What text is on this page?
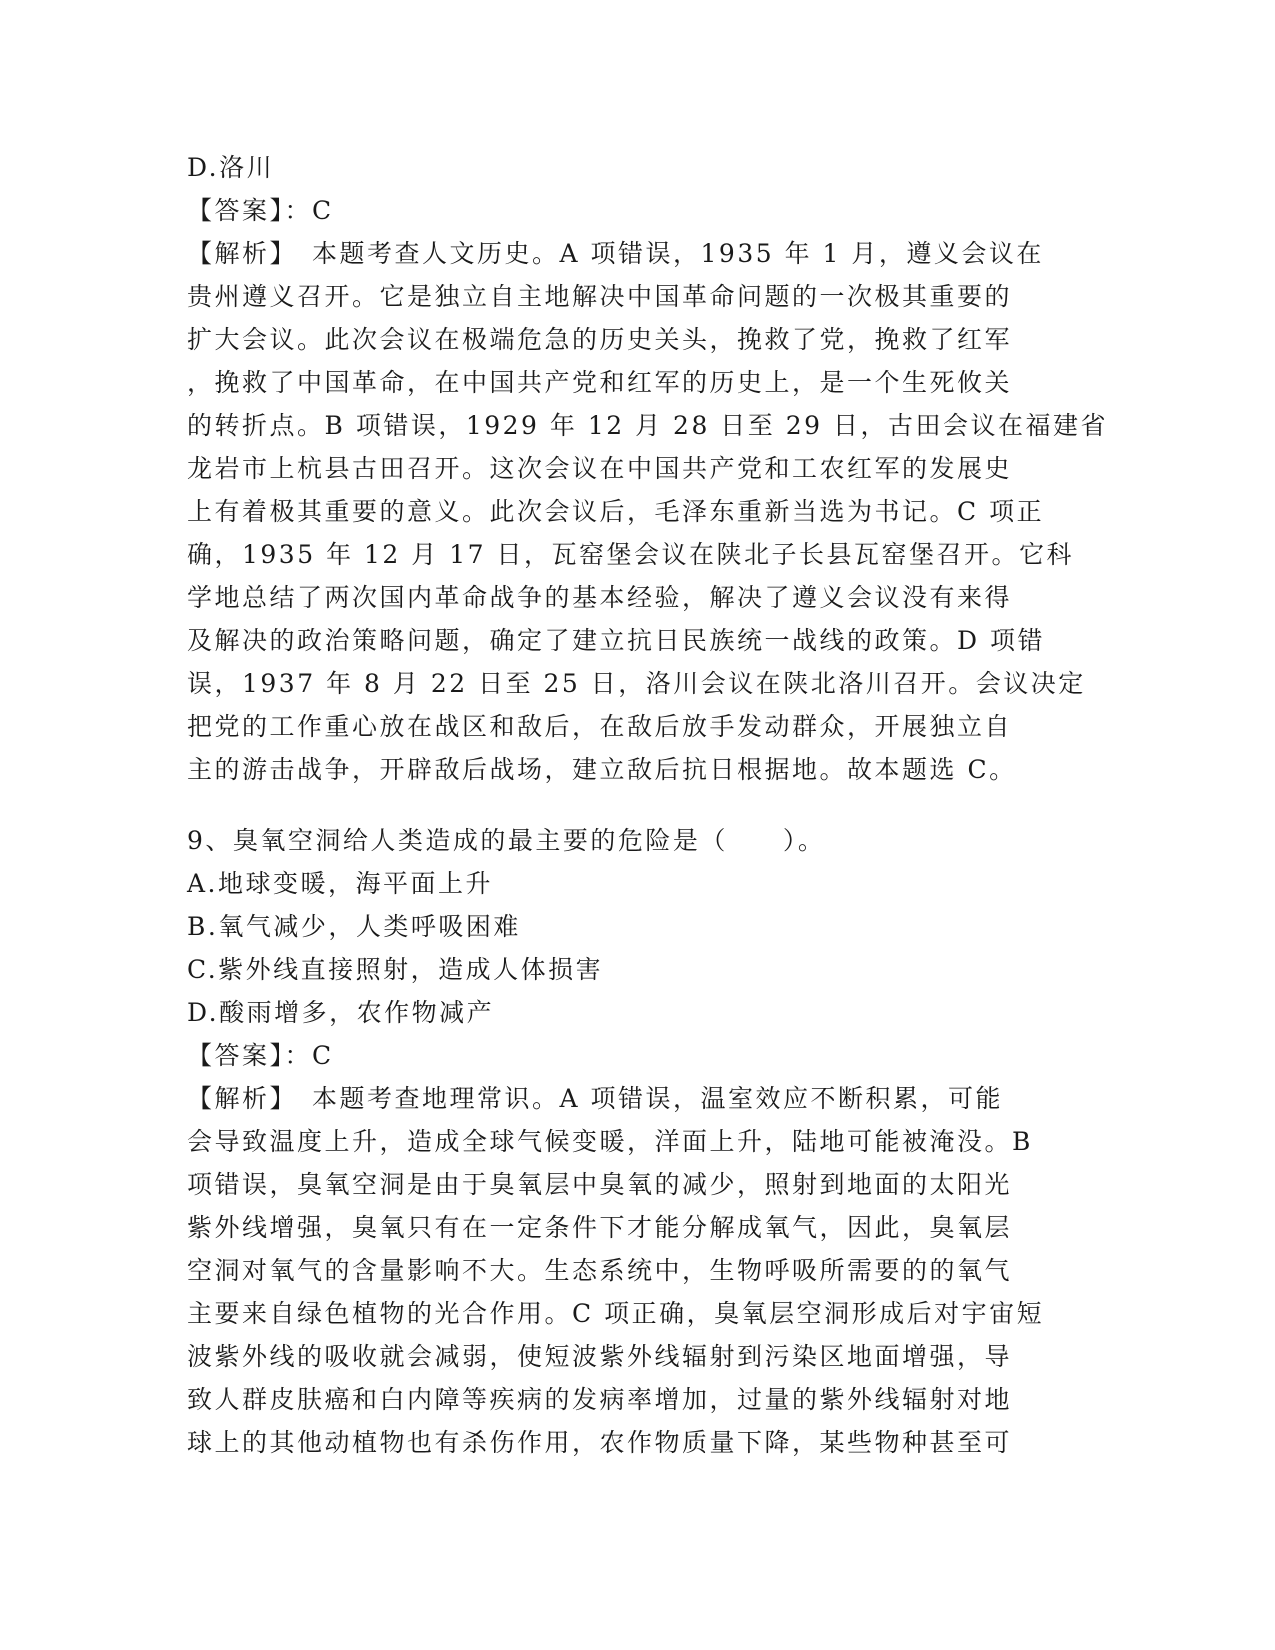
D.洛川

【答案】：C

【解析】　本题考查人文历史。A 项错误，1935 年 1 月，遵义会议在

贵州遵义召开。它是独立自主地解决中国革命问题的一次极其重要的

扩大会议。此次会议在极端危急的历史关头，挽救了党，挽救了红军

，挽救了中国革命，在中国共产党和红军的历史上，是一个生死攸关

的转折点。B 项错误，1929 年 12 月 28 日至 29 日，古田会议在福建省

龙岩市上杭县古田召开。这次会议在中国共产党和工农红军的发展史

上有着极其重要的意义。此次会议后，毛泽东重新当选为书记。C 项正

确，1935 年 12 月 17 日，瓦窑堡会议在陕北子长县瓦窑堡召开。它科

学地总结了两次国内革命战争的基本经验，解决了遵义会议没有来得

及解决的政治策略问题，确定了建立抗日民族统一战线的政策。D 项错

误，1937 年 8 月 22 日至 25 日，洛川会议在陕北洛川召开。会议决定

把党的工作重心放在战区和敌后，在敌后放手发动群众，开展独立自

主的游击战争，开辟敌后战场，建立敌后抗日根据地。故本题选 C。

9、臭氧空洞给人类造成的最主要的危险是（　　）。

A.地球变暖，海平面上升

B.氧气减少，人类呼吸困难

C.紫外线直接照射，造成人体损害

D.酸雨增多，农作物减产

【答案】：C

【解析】　本题考查地理常识。A 项错误，温室效应不断积累，可能

会导致温度上升，造成全球气候变暖，洋面上升，陆地可能被淹没。B

项错误，臭氧空洞是由于臭氧层中臭氧的减少，照射到地面的太阳光

紫外线增强，臭氧只有在一定条件下才能分解成氧气，因此，臭氧层

空洞对氧气的含量影响不大。生态系统中，生物呼吸所需要的的氧气

主要来自绿色植物的光合作用。C 项正确，臭氧层空洞形成后对宇宙短

波紫外线的吸收就会减弱，使短波紫外线辐射到污染区地面增强，导

致人群皮肤癌和白内障等疾病的发病率增加，过量的紫外线辐射对地

球上的其他动植物也有杀伤作用，农作物质量下降，某些物种甚至可
